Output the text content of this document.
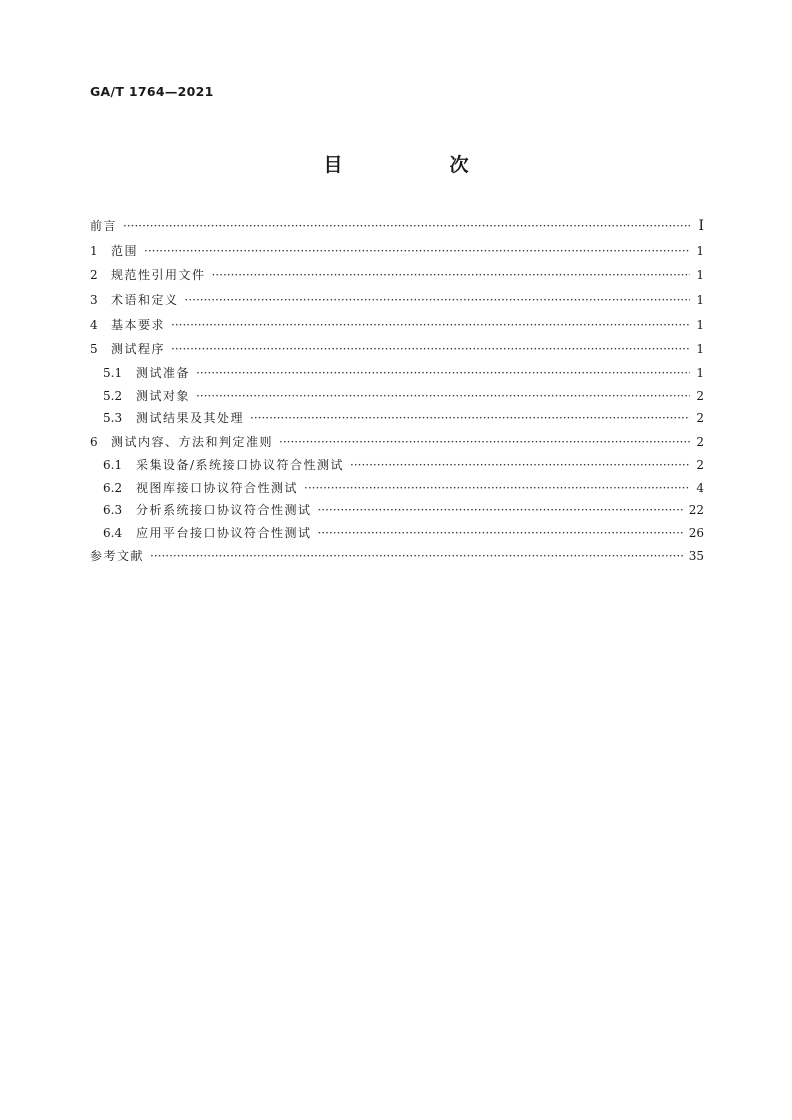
GA/T 1764—2021
目　次
前言 ·····	Ⅰ
1	范围 ·····	1
2	规范性引用文件 ·····	1
3	术语和定义 ·····	1
4	基本要求 ·····	1
5	测试程序 ·····	1
5.1	测试准备 ·····	1
5.2	测试对象 ·····	2
5.3	测试结果及其处理 ·····	2
6	测试内容、方法和判定准则 ·····	2
6.1	采集设备/系统接口协议符合性测试 ·····	2
6.2	视图库接口协议符合性测试 ·····	4
6.3	分析系统接口协议符合性测试 ·····	22
6.4	应用平台接口协议符合性测试 ·····	26
参考文献 ·····	35
